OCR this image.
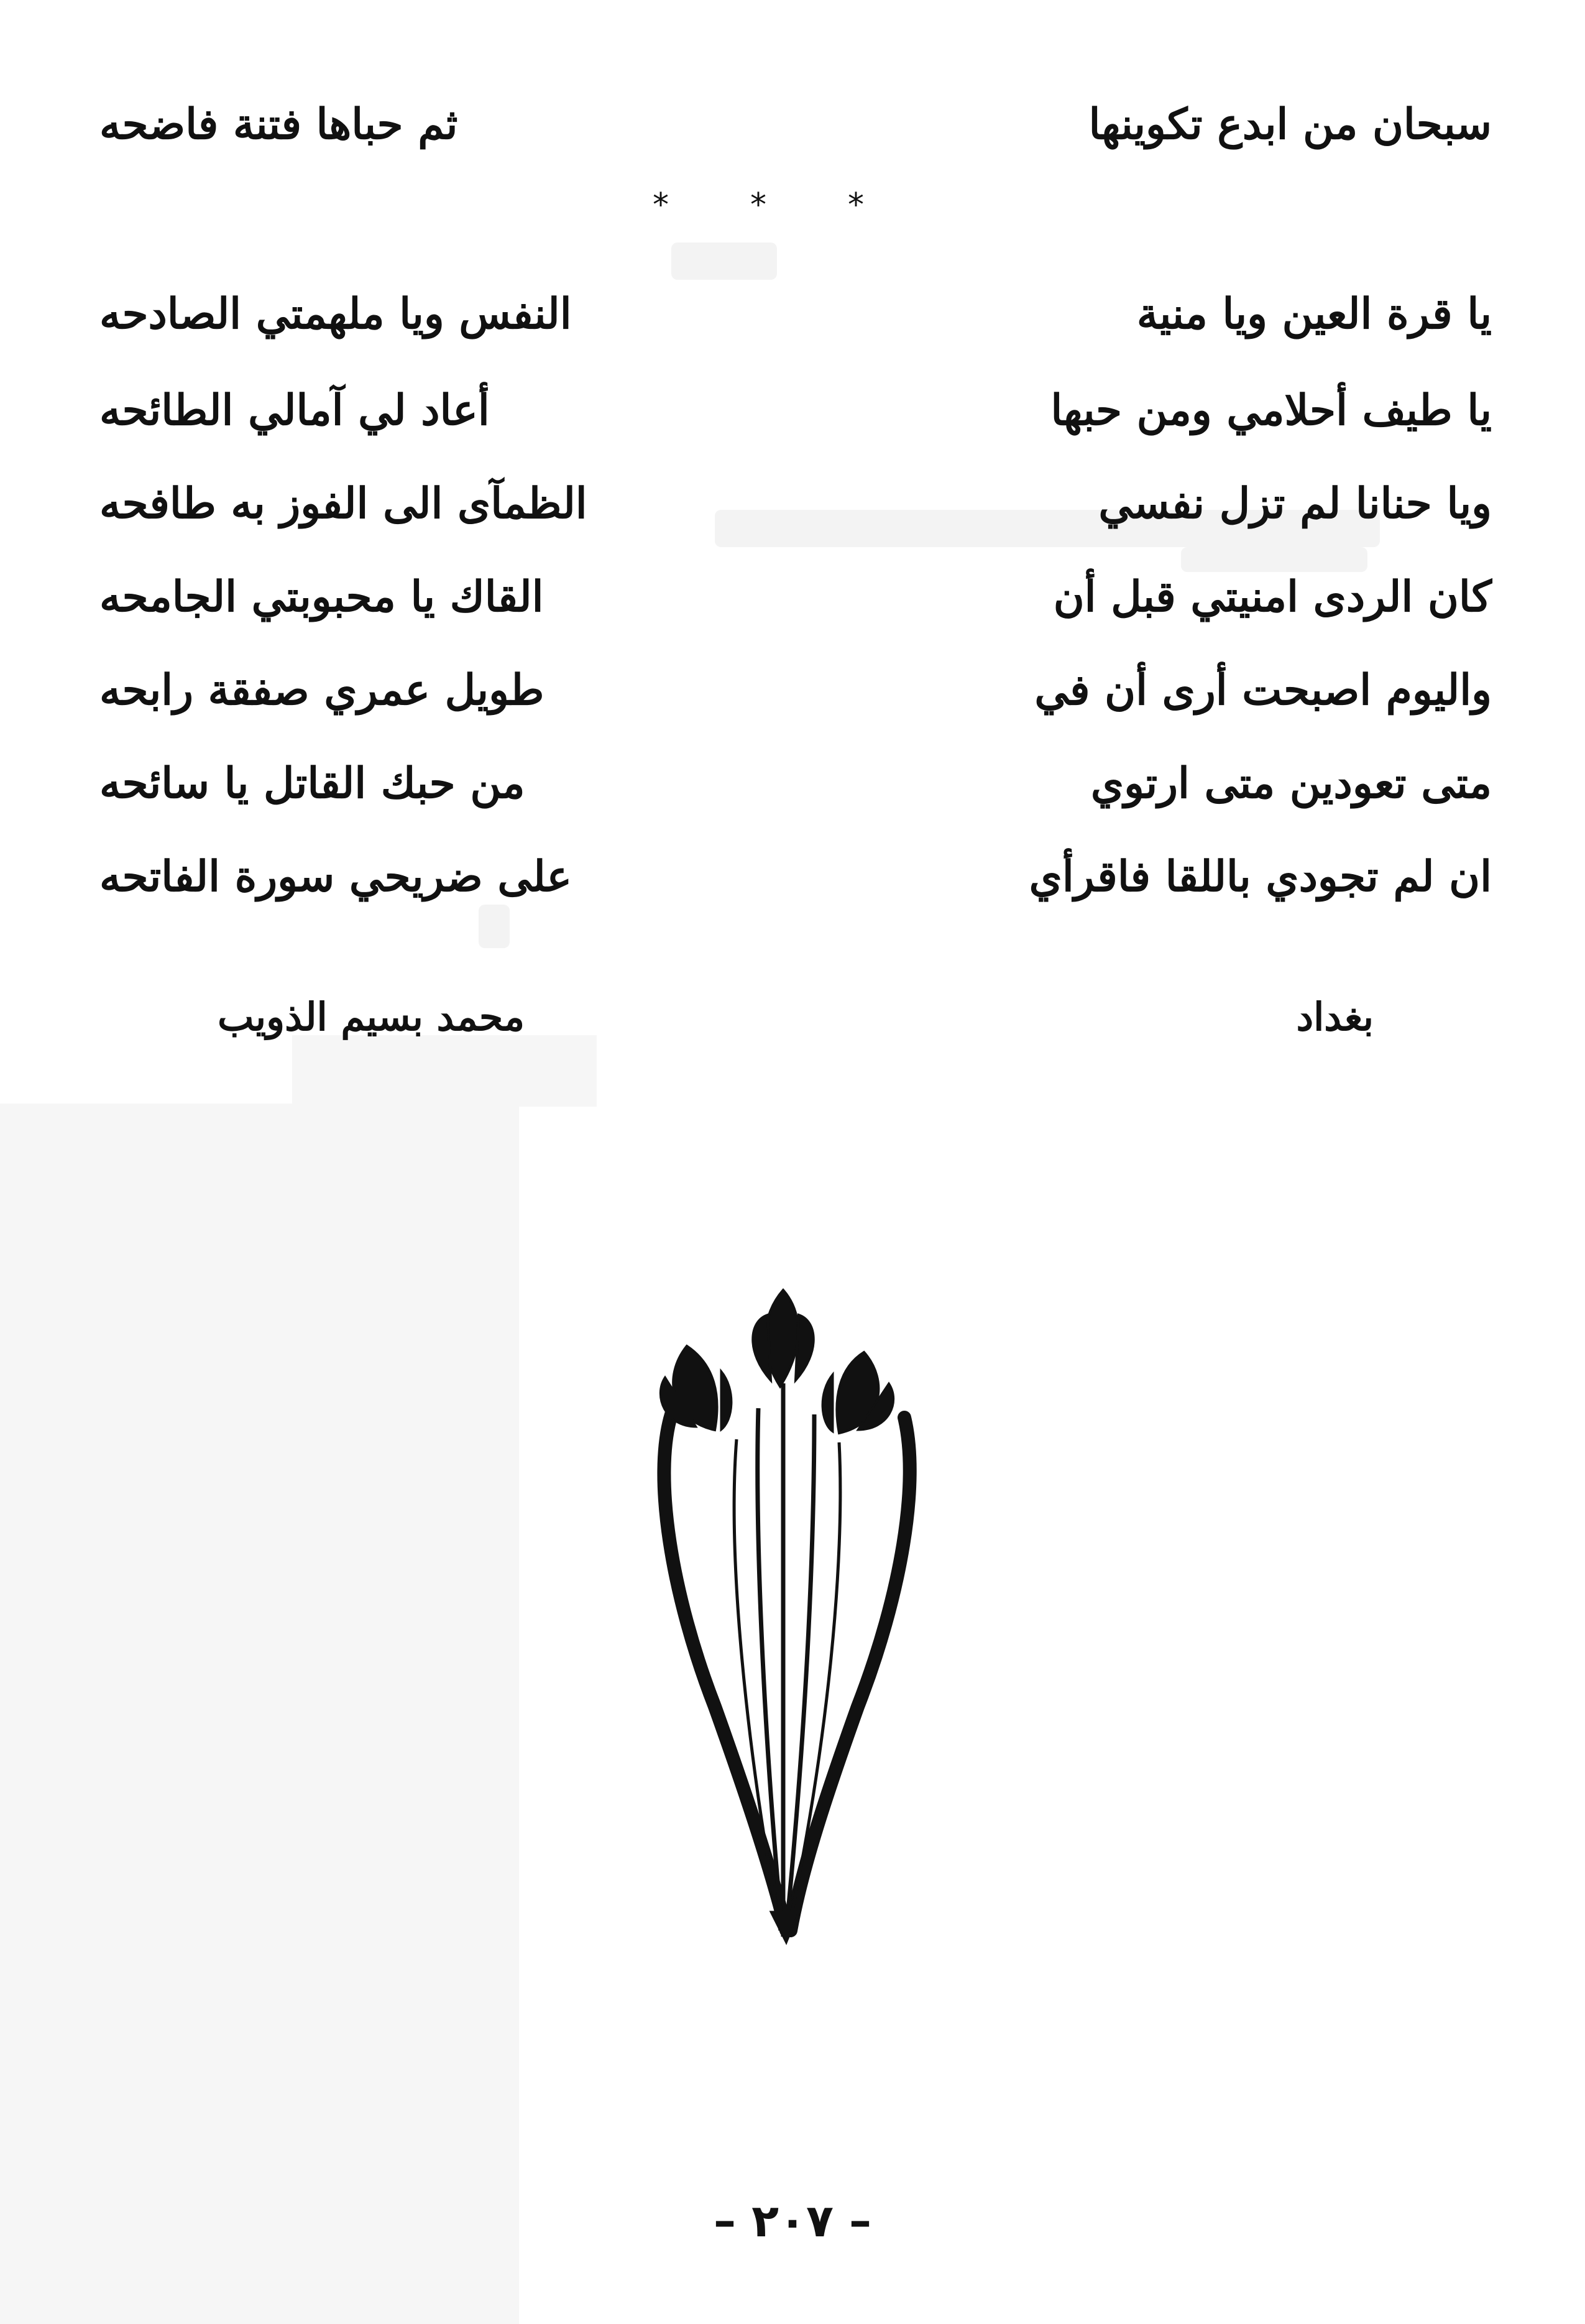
سبحان من ابدع تكوينها
ثم حباها فتنة فاضحه
*	*	*
يا قرة العين ويا منية
النفس ويا ملهمتي الصادحه
يا طيف أحلامي ومن حبها
أعاد لي آمالي الطائحه
ويا حنانا لم تزل نفسي
الظمآى الى الفوز به طافحه
كان الردى امنيتي قبل أن
القاك يا محبوبتي الجامحه
واليوم اصبحت أرى أن في
طويل عمري صفقة رابحه
متى تعودين متى ارتوي
من حبك القاتل يا سائحه
ان لم تجودي باللقا فاقرأي
على ضريحي سورة الفاتحه
بغداد
محمد بسيم الذويب
– ٢٠٧ –
